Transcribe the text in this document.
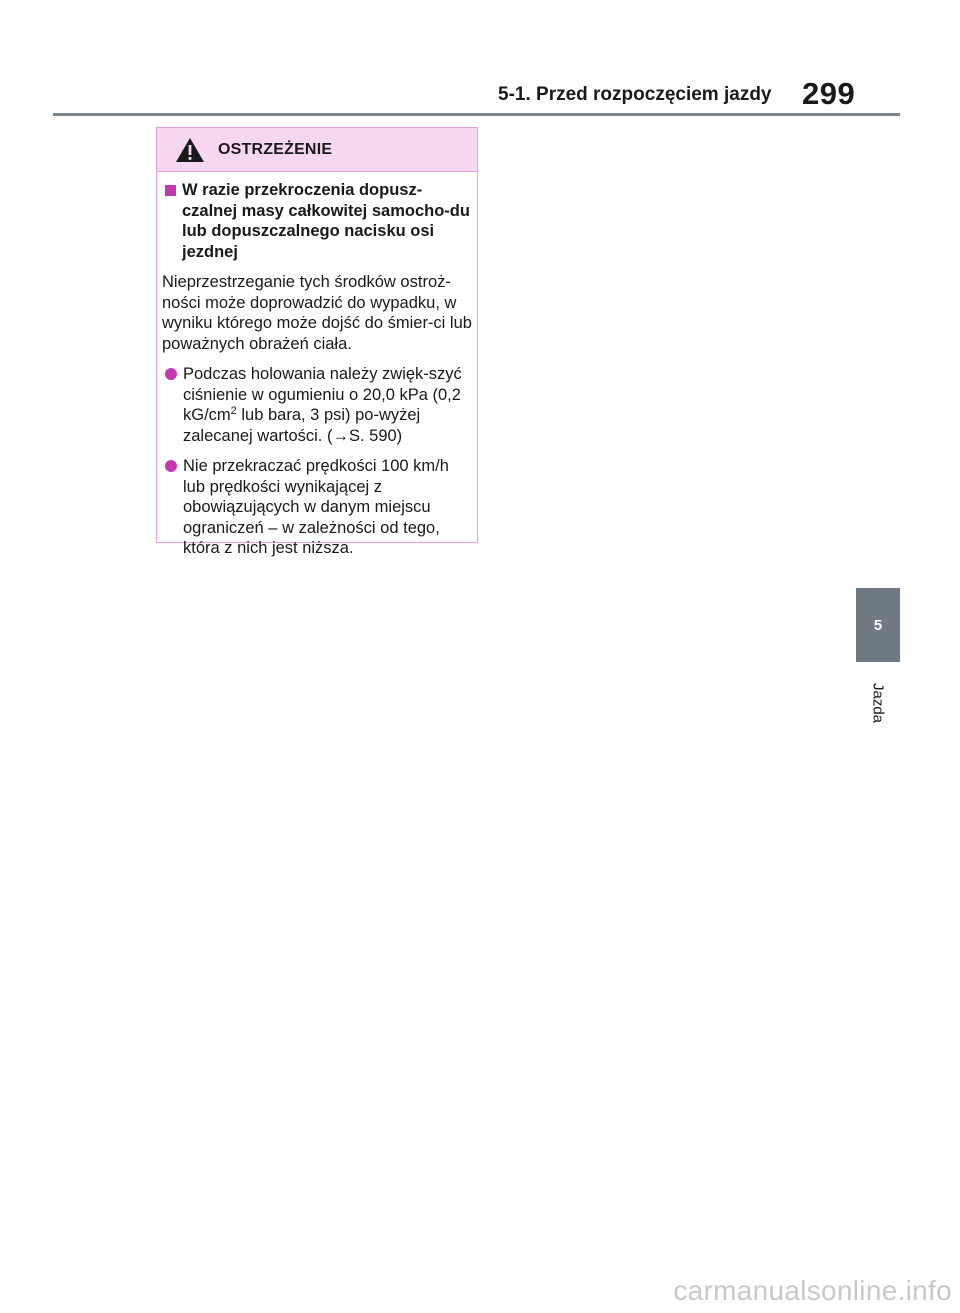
5-1. Przed rozpoczęciem jazdy 299
OSTRZEŻENIE
W razie przekroczenia dopusz-czalnej masy całkowitej samocho-du lub dopuszczalnego nacisku osi jezdnej
Nieprzestrzeganie tych środków ostroż-ności może doprowadzić do wypadku, w wyniku którego może dojść do śmier-ci lub poważnych obrażeń ciała.
Podczas holowania należy zwięk-szyć ciśnienie w ogumieniu o 20,0 kPa (0,2 $kG/cm^2$ lub bara, 3 psi) po-wyżej zalecanej wartości. (→S. 590)
Nie przekraczać prędkości 100 km/h lub prędkości wynikającej z obowiązujących w danym miejscu ograniczeń – w zależności od tego, która z nich jest niższa.
5
Jazda
carmanualsonline.info
